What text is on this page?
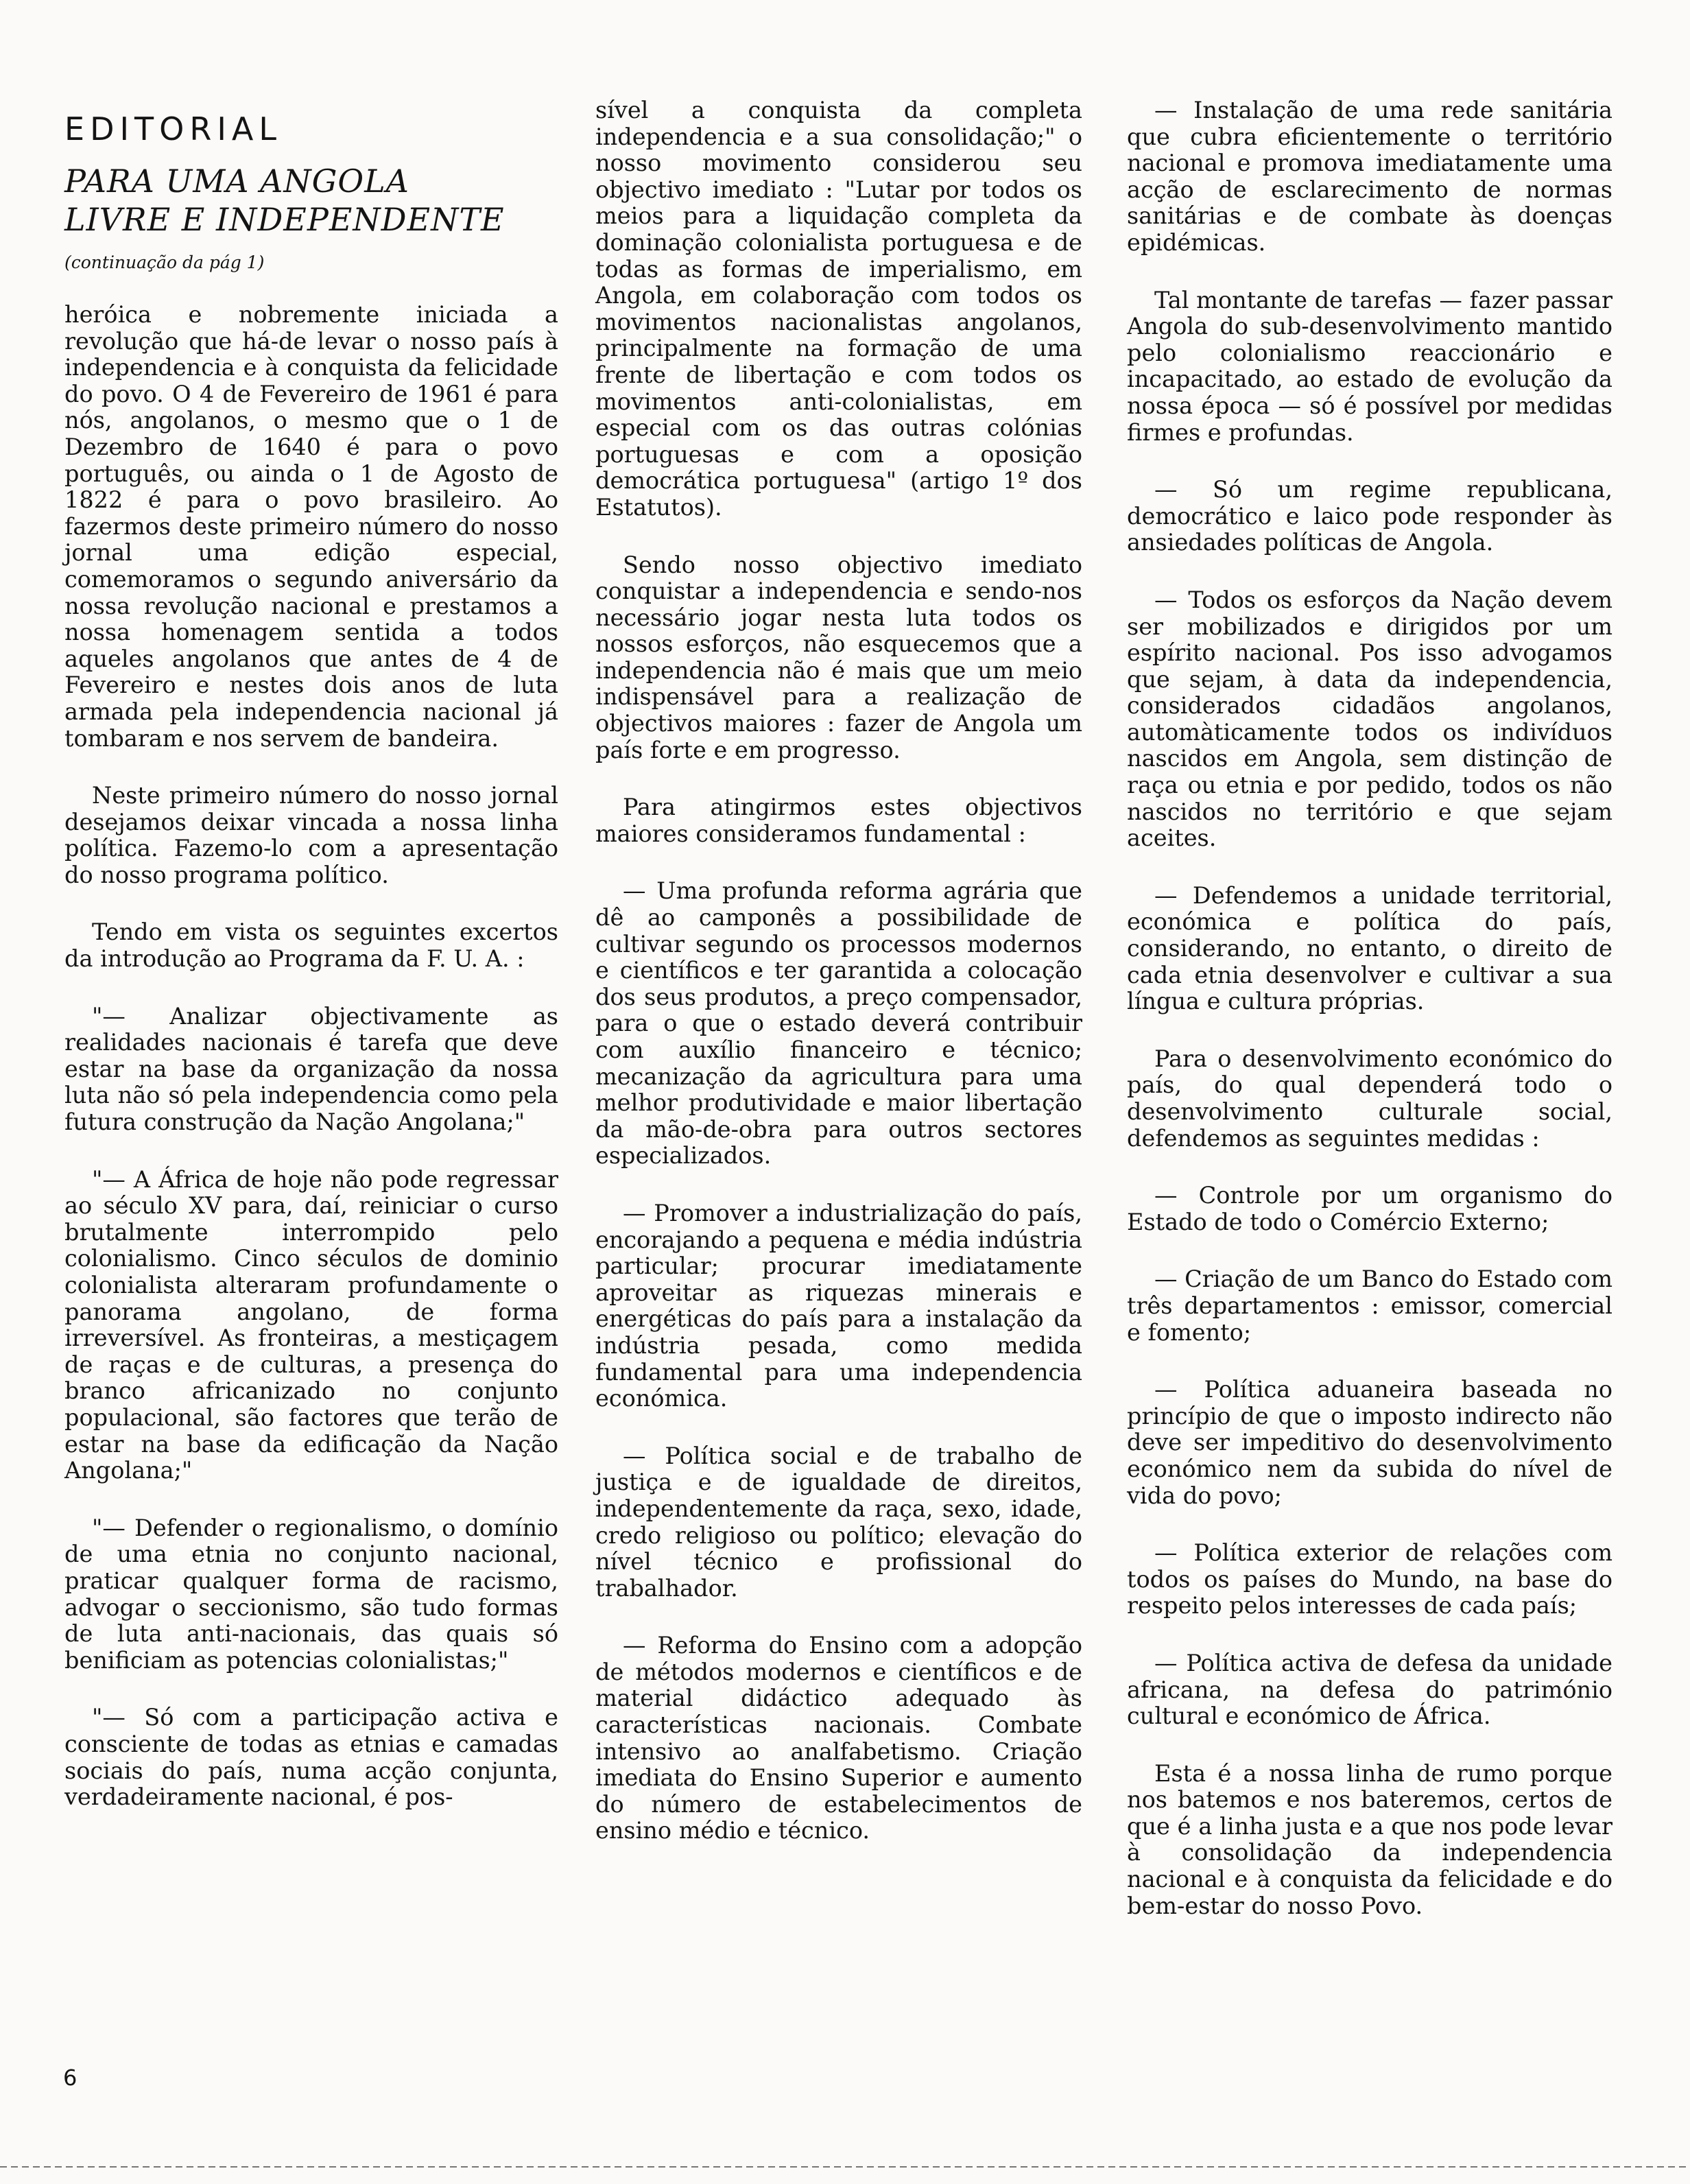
EDITORIAL
PARA UMA ANGOLA
LIVRE E INDEPENDENTE
(continuação da pág 1)

heróica e nobremente iniciada a revolução que há-de levar o nosso país à independencia e à conquista da felicidade do povo. O 4 de Fevereiro de 1961 é para nós, angolanos, o mesmo que o 1 de Dezembro de 1640 é para o povo português, ou ainda o 1 de Agosto de 1822 é para o povo brasileiro. Ao fazermos deste primeiro número do nosso jornal uma edição especial, comemoramos o segundo aniversário da nossa revolução nacional e prestamos a nossa homenagem sentida a todos aqueles angolanos que antes de 4 de Fevereiro e nestes dois anos de luta armada pela independencia nacional já tombaram e nos servem de bandeira.

Neste primeiro número do nosso jornal desejamos deixar vincada a nossa linha política. Fazemo-lo com a apresentação do nosso programa político.

Tendo em vista os seguintes excertos da introdução ao Programa da F. U. A. :

"— Analizar objectivamente as realidades nacionais é tarefa que deve estar na base da organização da nossa luta não só pela independencia como pela futura construção da Nação Angolana;"

"— A África de hoje não pode regressar ao século XV para, daí, reiniciar o curso brutalmente interrompido pelo colonialismo. Cinco séculos de dominio colonialista alteraram profundamente o panorama angolano, de forma irreversível. As fronteiras, a mestiçagem de raças e de culturas, a presença do branco africanizado no conjunto populacional, são factores que terão de estar na base da edificação da Nação Angolana;"

"— Defender o regionalismo, o domínio de uma etnia no conjunto nacional, praticar qualquer forma de racismo, advogar o seccionismo, são tudo formas de luta anti-nacionais, das quais só benificiam as potencias colonialistas;"

"— Só com a participação activa e consciente de todas as etnias e camadas sociais do país, numa acção conjunta, verdadeiramente nacional, é pos-

sível a conquista da completa independencia e a sua consolidação;" o nosso movimento considerou seu objectivo imediato : "Lutar por todos os meios para a liquidação completa da dominação colonialista portuguesa e de todas as formas de imperialismo, em Angola, em colaboração com todos os movimentos nacionalistas angolanos, principalmente na formação de uma frente de libertação e com todos os movimentos anti-colonialistas, em especial com os das outras colónias portuguesas e com a oposição democrática portuguesa" (artigo 1º dos Estatutos).

Sendo nosso objectivo imediato conquistar a independencia e sendo-nos necessário jogar nesta luta todos os nossos esforços, não esquecemos que a independencia não é mais que um meio indispensável para a realização de objectivos maiores : fazer de Angola um país forte e em progresso.

Para atingirmos estes objectivos maiores consideramos fundamental :

— Uma profunda reforma agrária que dê ao camponês a possibilidade de cultivar segundo os processos modernos e científicos e ter garantida a colocação dos seus produtos, a preço compensador, para o que o estado deverá contribuir com auxílio financeiro e técnico; mecanização da agricultura para uma melhor produtividade e maior libertação da mão-de-obra para outros sectores especializados.

— Promover a industrialização do país, encorajando a pequena e média indústria particular; procurar imediatamente aproveitar as riquezas minerais e energéticas do país para a instalação da indústria pesada, como medida fundamental para uma independencia económica.

— Política social e de trabalho de justiça e de igualdade de direitos, independentemente da raça, sexo, idade, credo religioso ou político; elevação do nível técnico e profissional do trabalhador.

— Reforma do Ensino com a adopção de métodos modernos e científicos e de material didáctico adequado às características nacionais. Combate intensivo ao analfabetismo. Criação imediata do Ensino Superior e aumento do número de estabelecimentos de ensino médio e técnico.

— Instalação de uma rede sanitária que cubra eficientemente o território nacional e promova imediatamente uma acção de esclarecimento de normas sanitárias e de combate às doenças epidémicas.

Tal montante de tarefas — fazer passar Angola do sub-desenvolvimento mantido pelo colonialismo reaccionário e incapacitado, ao estado de evolução da nossa época — só é possível por medidas firmes e profundas.

— Só um regime republicana, democrático e laico pode responder às ansiedades políticas de Angola.

— Todos os esforços da Nação devem ser mobilizados e dirigidos por um espírito nacional. Pos isso advogamos que sejam, à data da independencia, considerados cidadãos angolanos, automàticamente todos os indivíduos nascidos em Angola, sem distinção de raça ou etnia e por pedido, todos os não nascidos no território e que sejam aceites.

— Defendemos a unidade territorial, económica e política do país, considerando, no entanto, o direito de cada etnia desenvolver e cultivar a sua língua e cultura próprias.

Para o desenvolvimento económico do país, do qual dependerá todo o desenvolvimento culturale social, defendemos as seguintes medidas :

— Controle por um organismo do Estado de todo o Comércio Externo;

— Criação de um Banco do Estado com três departamentos : emissor, comercial e fomento;

— Política aduaneira baseada no princípio de que o imposto indirecto não deve ser impeditivo do desenvolvimento económico nem da subida do nível de vida do povo;

— Política exterior de relações com todos os países do Mundo, na base do respeito pelos interesses de cada país;

— Política activa de defesa da unidade africana, na defesa do património cultural e económico de África.

Esta é a nossa linha de rumo porque nos batemos e nos bateremos, certos de que é a linha justa e a que nos pode levar à consolidação da independencia nacional e à conquista da felicidade e do bem-estar do nosso Povo.

6
